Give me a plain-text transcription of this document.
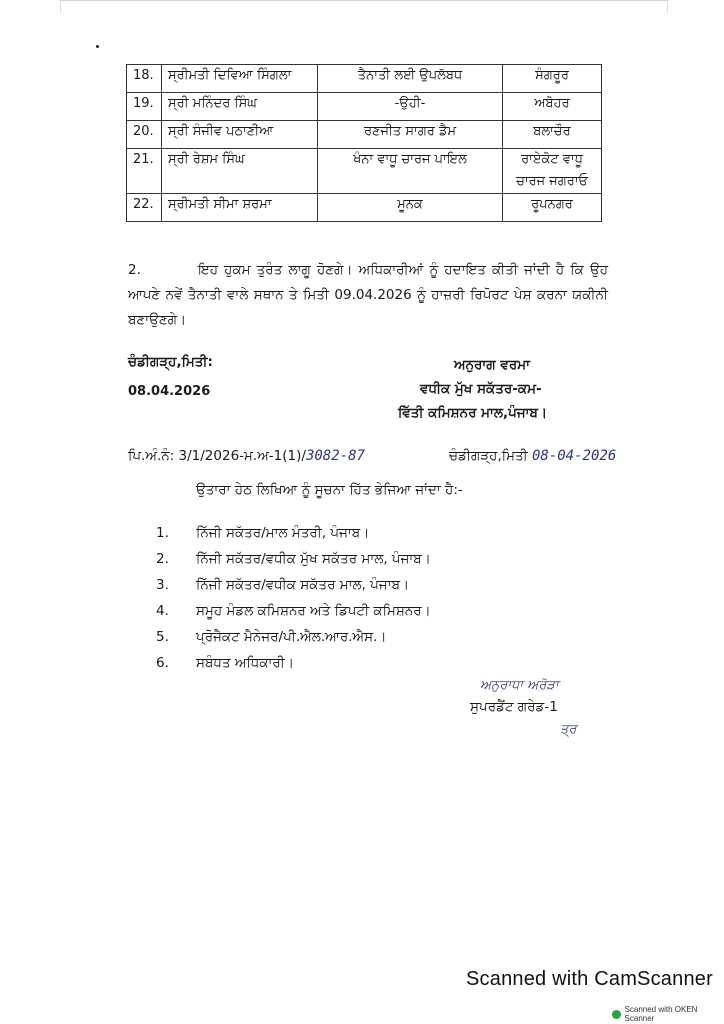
18.	ਸ੍ਰੀਮਤੀ ਦਿਵਿਆ ਸਿੰਗਲਾ	ਤੈਨਾਤੀ ਲਈ ਉਪਲੱਬਧ	ਸੰਗਰੂਰ
19.	ਸ੍ਰੀ ਮਨਿੰਦਰ ਸਿੰਘ	-ਉਹੀ-	ਅਬੋਹਰ
20.	ਸ੍ਰੀ ਸੰਜੀਵ ਪਠਾਣੀਆ	ਰਣਜੀਤ ਸਾਗਰ ਡੈਮ	ਬਲਾਚੌਰ
21.	ਸ੍ਰੀ ਰੇਸ਼ਮ ਸਿੰਘ	ਖੰਨਾ ਵਾਧੂ ਚਾਰਜ ਪਾਇਲ	ਰਾਏਕੋਟ ਵਾਧੂ ਚਾਰਜ ਜਗਰਾਓ
22.	ਸ੍ਰੀਮਤੀ ਸੀਮਾ ਸ਼ਰਮਾ	ਮੂਨਕ	ਰੂਪਨਗਰ
2.	ਇਹ ਹੁਕਮ ਤੁਰੰਤ ਲਾਗੂ ਹੋਣਗੇ। ਅਧਿਕਾਰੀਆਂ ਨੂੰ ਹਦਾਇਤ ਕੀਤੀ ਜਾਂਦੀ ਹੈ ਕਿ ਉਹ ਆਪਣੇ ਨਵੇਂ ਤੈਨਾਤੀ ਵਾਲੇ ਸਥਾਨ ਤੇ ਮਿਤੀ 09.04.2026 ਨੂੰ ਹਾਜ਼ਰੀ ਰਿਪੋਰਟ ਪੇਸ਼ ਕਰਨਾ ਯਕੀਨੀ ਬਣਾਉਣਗੇ।
ਚੰਡੀਗੜ੍ਹ,ਮਿਤੀ:
08.04.2026
ਅਨੁਰਾਗ ਵਰਮਾ
ਵਧੀਕ ਮੁੱਖ ਸਕੱਤਰ-ਕਮ-
ਵਿੱਤੀ ਕਮਿਸ਼ਨਰ ਮਾਲ,ਪੰਜਾਬ।
ਪਿ.ਅੰ.ਨੰ: 3/1/2026-ਮ.ਅ-1(1)/3082-87	ਚੰਡੀਗੜ੍ਹ,ਮਿਤੀ 08-04-2026
ਉਤਾਰਾ ਹੇਠ ਲਿਖਿਆ ਨੂੰ ਸੂਚਨਾ ਹਿੱਤ ਭੇਜਿਆ ਜਾਂਦਾ ਹੈ:-
1. ਨਿੱਜੀ ਸਕੱਤਰ/ਮਾਲ ਮੰਤਰੀ, ਪੰਜਾਬ।
2. ਨਿੱਜੀ ਸਕੱਤਰ/ਵਧੀਕ ਮੁੱਖ ਸਕੱਤਰ ਮਾਲ, ਪੰਜਾਬ।
3. ਨਿੱਜੀ ਸਕੱਤਰ/ਵਧੀਕ ਸਕੱਤਰ ਮਾਲ, ਪੰਜਾਬ।
4. ਸਮੂਹ ਮੰਡਲ ਕਮਿਸ਼ਨਰ ਅਤੇ ਡਿਪਟੀ ਕਮਿਸ਼ਨਰ।
5. ਪ੍ਰੋਜੈਕਟ ਮੈਨੇਜਰ/ਪੀ.ਐਲ.ਆਰ.ਐਸ.।
6. ਸਬੰਧਤ ਅਧਿਕਾਰੀ।
ਅਨੁਰਾਧਾ ਅਰੋੜਾ
ਸੁਪਰਡੈਂਟ ਗਰੇਡ-1
ਤ੍ਰ
Scanned with CamScanner
Scanned with OKEN Scanner
